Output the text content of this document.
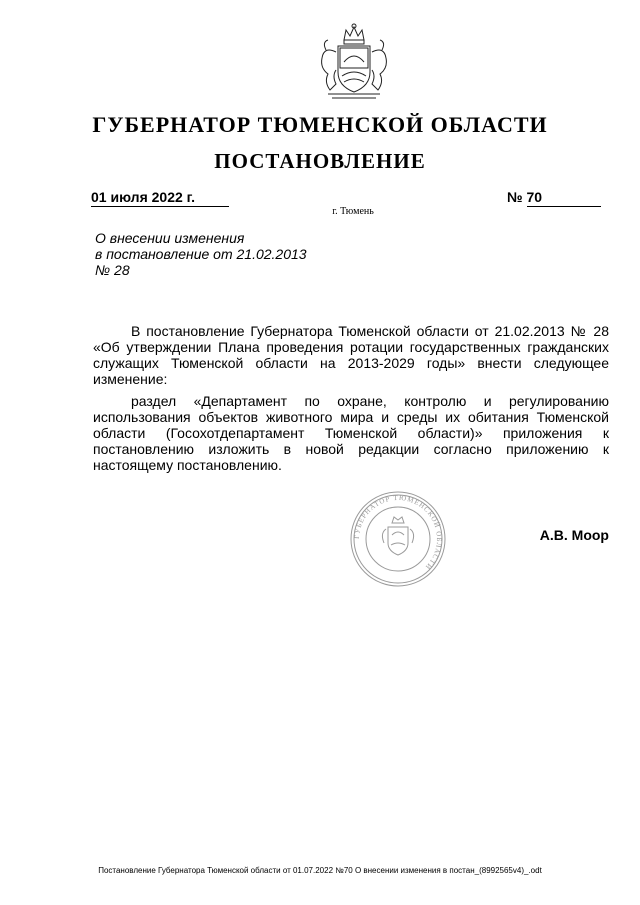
ГУБЕРНАТОР ТЮМЕНСКОЙ ОБЛАСТИ
ПОСТАНОВЛЕНИЕ
01 июля 2022 г.	№ 70
г. Тюмень
О внесении изменения
в постановление от 21.02.2013
№ 28

В постановление Губернатора Тюменской области от 21.02.2013 № 28 «Об утверждении Плана проведения ротации государственных гражданских служащих Тюменской области на 2013-2029 годы» внести следующее изменение:

раздел «Департамент по охране, контролю и регулированию использования объектов животного мира и среды их обитания Тюменской области (Госохотдепартамент Тюменской области)» приложения к постановлению изложить в новой редакции согласно приложению к настоящему постановлению.

ГУБЕРНАТОР ТЮМЕНСКОЙ ОБЛАСТИ
А.В. Моор
Постановление Губернатора Тюменской области от 01.07.2022 №70 О внесении изменения в постан_(8992565v4)_.odt
